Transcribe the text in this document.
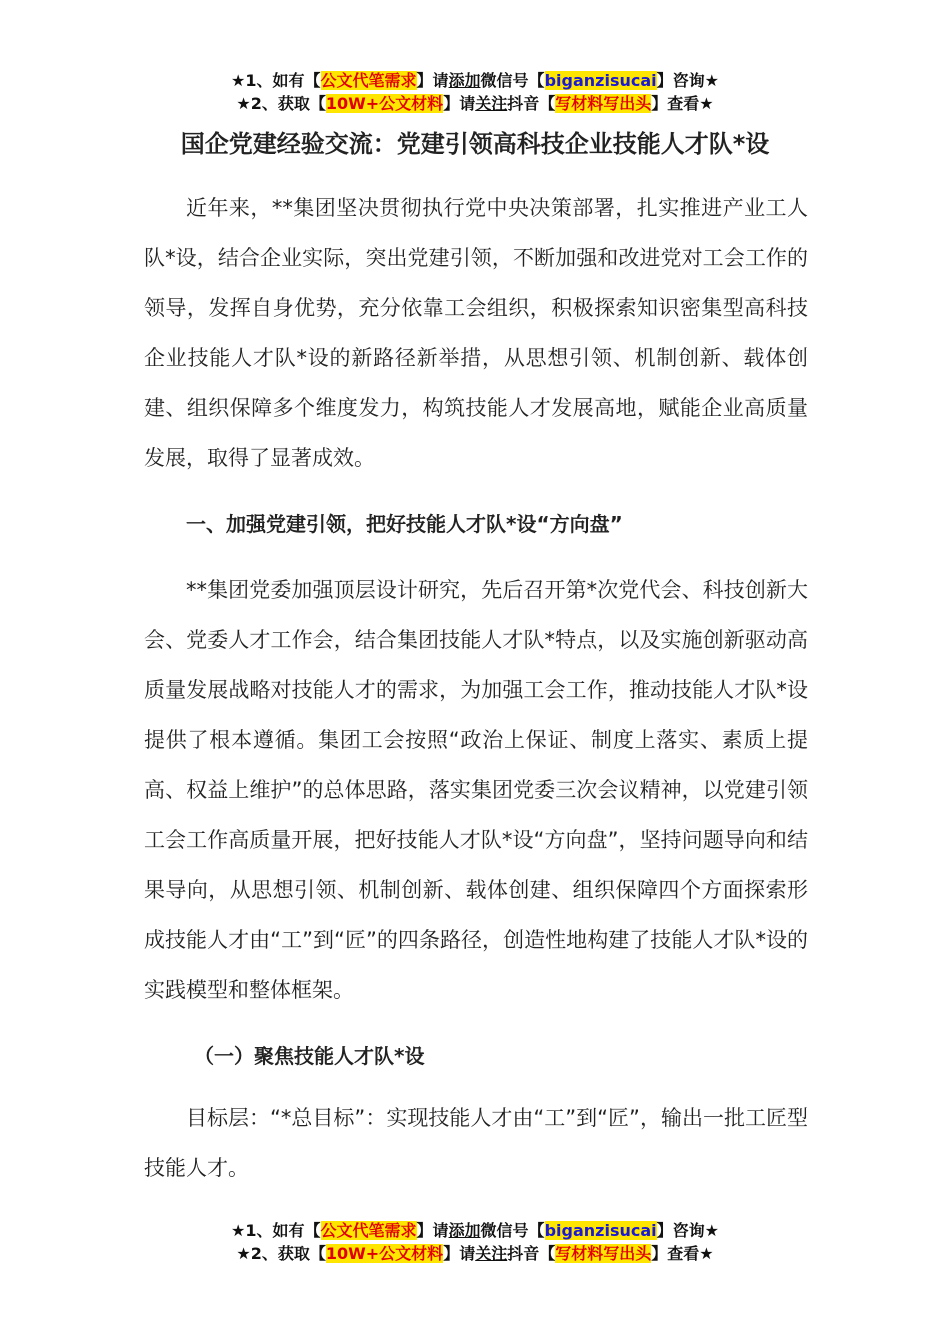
★1、如有【公文代笔需求】请添加微信号【biganzisucai】咨询★
★2、获取【10W+公文材料】请关注抖音【写材料写出头】查看★
国企党建经验交流：党建引领高科技企业技能人才队*设

近年来，**集团坚决贯彻执行党中央决策部署，扎实推进产业工人队*设，结合企业实际，突出党建引领，不断加强和改进党对工会工作的领导，发挥自身优势，充分依靠工会组织，积极探索知识密集型高科技企业技能人才队*设的新路径新举措，从思想引领、机制创新、载体创建、组织保障多个维度发力，构筑技能人才发展高地，赋能企业高质量发展，取得了显著成效。

一、加强党建引领，把好技能人才队*设“方向盘”

**集团党委加强顶层设计研究，先后召开第*次党代会、科技创新大会、党委人才工作会，结合集团技能人才队*特点，以及实施创新驱动高质量发展战略对技能人才的需求，为加强工会工作，推动技能人才队*设提供了根本遵循。集团工会按照“政治上保证、制度上落实、素质上提高、权益上维护”的总体思路，落实集团党委三次会议精神，以党建引领工会工作高质量开展，把好技能人才队*设“方向盘”，坚持问题导向和结果导向，从思想引领、机制创新、载体创建、组织保障四个方面探索形成技能人才由“工”到“匠”的四条路径，创造性地构建了技能人才队*设的实践模型和整体框架。

（一）聚焦技能人才队*设

目标层：“*总目标”：实现技能人才由“工”到“匠”，输出一批工匠型技能人才。

★1、如有【公文代笔需求】请添加微信号【biganzisucai】咨询★
★2、获取【10W+公文材料】请关注抖音【写材料写出头】查看★
